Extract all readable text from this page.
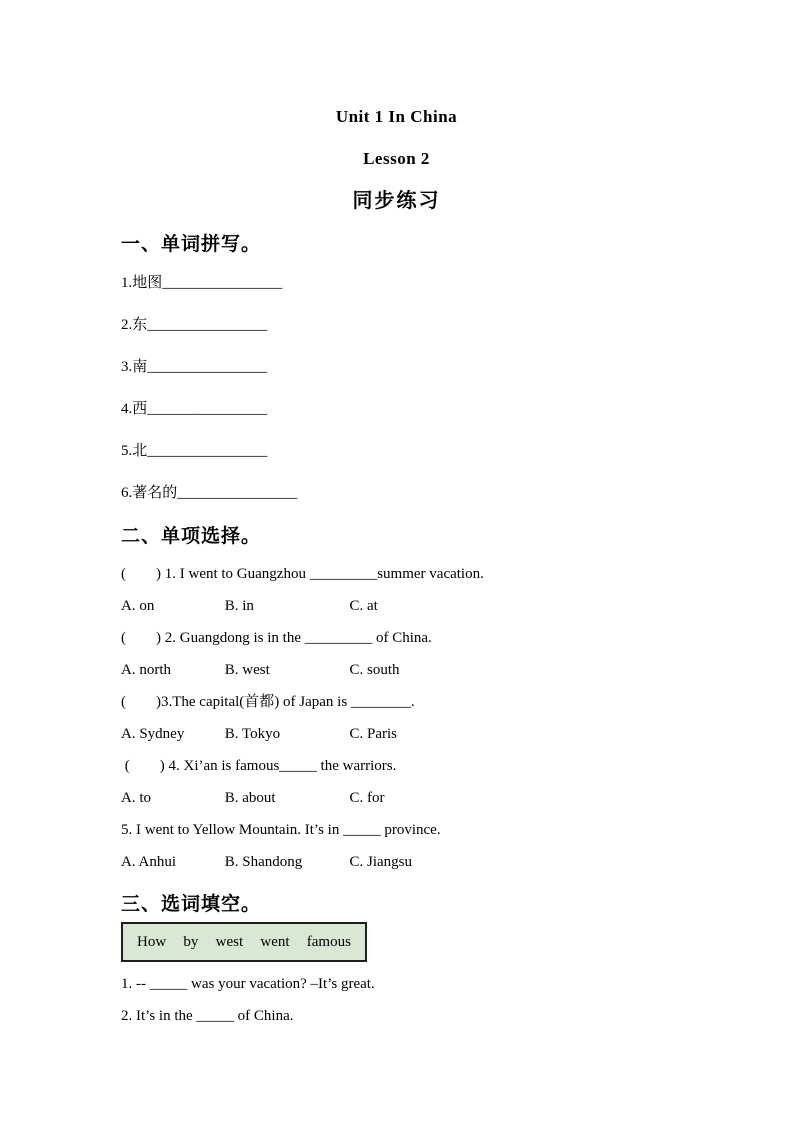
Unit 1 In China
Lesson 2
同步练习
一、单词拼写。

1.地图________________

2.东________________

3.南________________

4.西________________

5.北________________

6.著名的________________

二、单项选择。

(        ) 1. I went to Guangzhou _________summer vacation.

A. on	B. in	C. at

(        ) 2. Guangdong is in the _________ of China.

A. north	B. west	C. south

(        )3.The capital(首都) of Japan is ________.

A. Sydney	B. Tokyo	C. Paris

(        ) 4. Xi’an is famous_____ the warriors.

A. to	B. about	C. for

5. I went to Yellow Mountain. It’s in _____ province.

A. Anhui	B. Shandong	C. Jiangsu
三、选词填空。
How by west went famous

1. -- _____ was your vacation? –It’s great.

2. It’s in the _____ of China.
